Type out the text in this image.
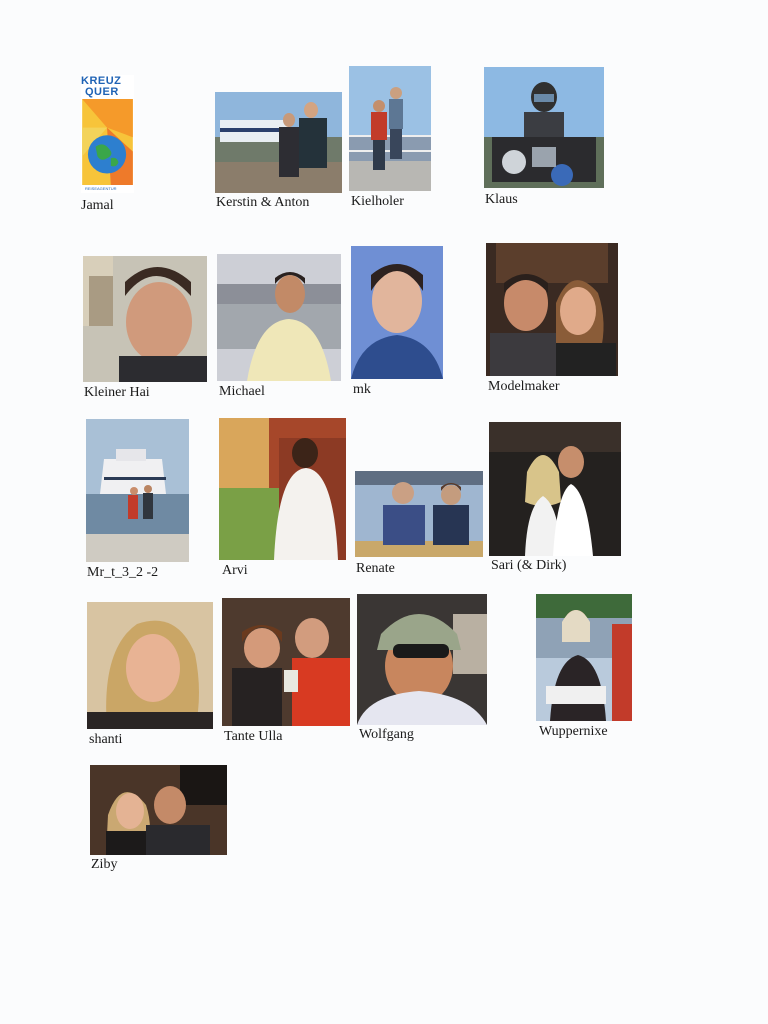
KREUZ
QUER
REISEAGENTUR
Jamal	Kerstin & Anton	Kielholer	Klaus
Kleiner Hai	Michael	mk	Modelmaker
Mr_t_3_2 -2	Arvi	Renate	Sari (& Dirk)
shanti	Tante Ulla	Wolfgang	Wuppernixe
Ziby
